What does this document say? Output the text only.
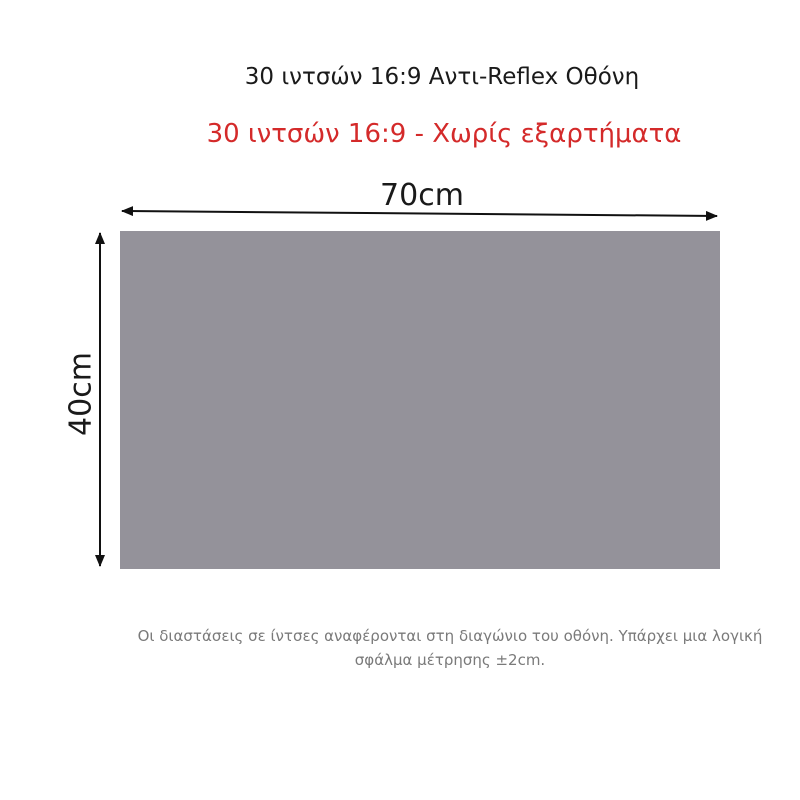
30 ιντσών 16:9 Αντι-Reflex Οθόνη
30 ιντσών 16:9 - Χωρίς εξαρτήματα
70cm
40cm
Οι διαστάσεις σε ίντσες αναφέρονται στη διαγώνιο του οθόνη. Υπάρχει μια λογική σφάλμα μέτρησης ±2cm.
